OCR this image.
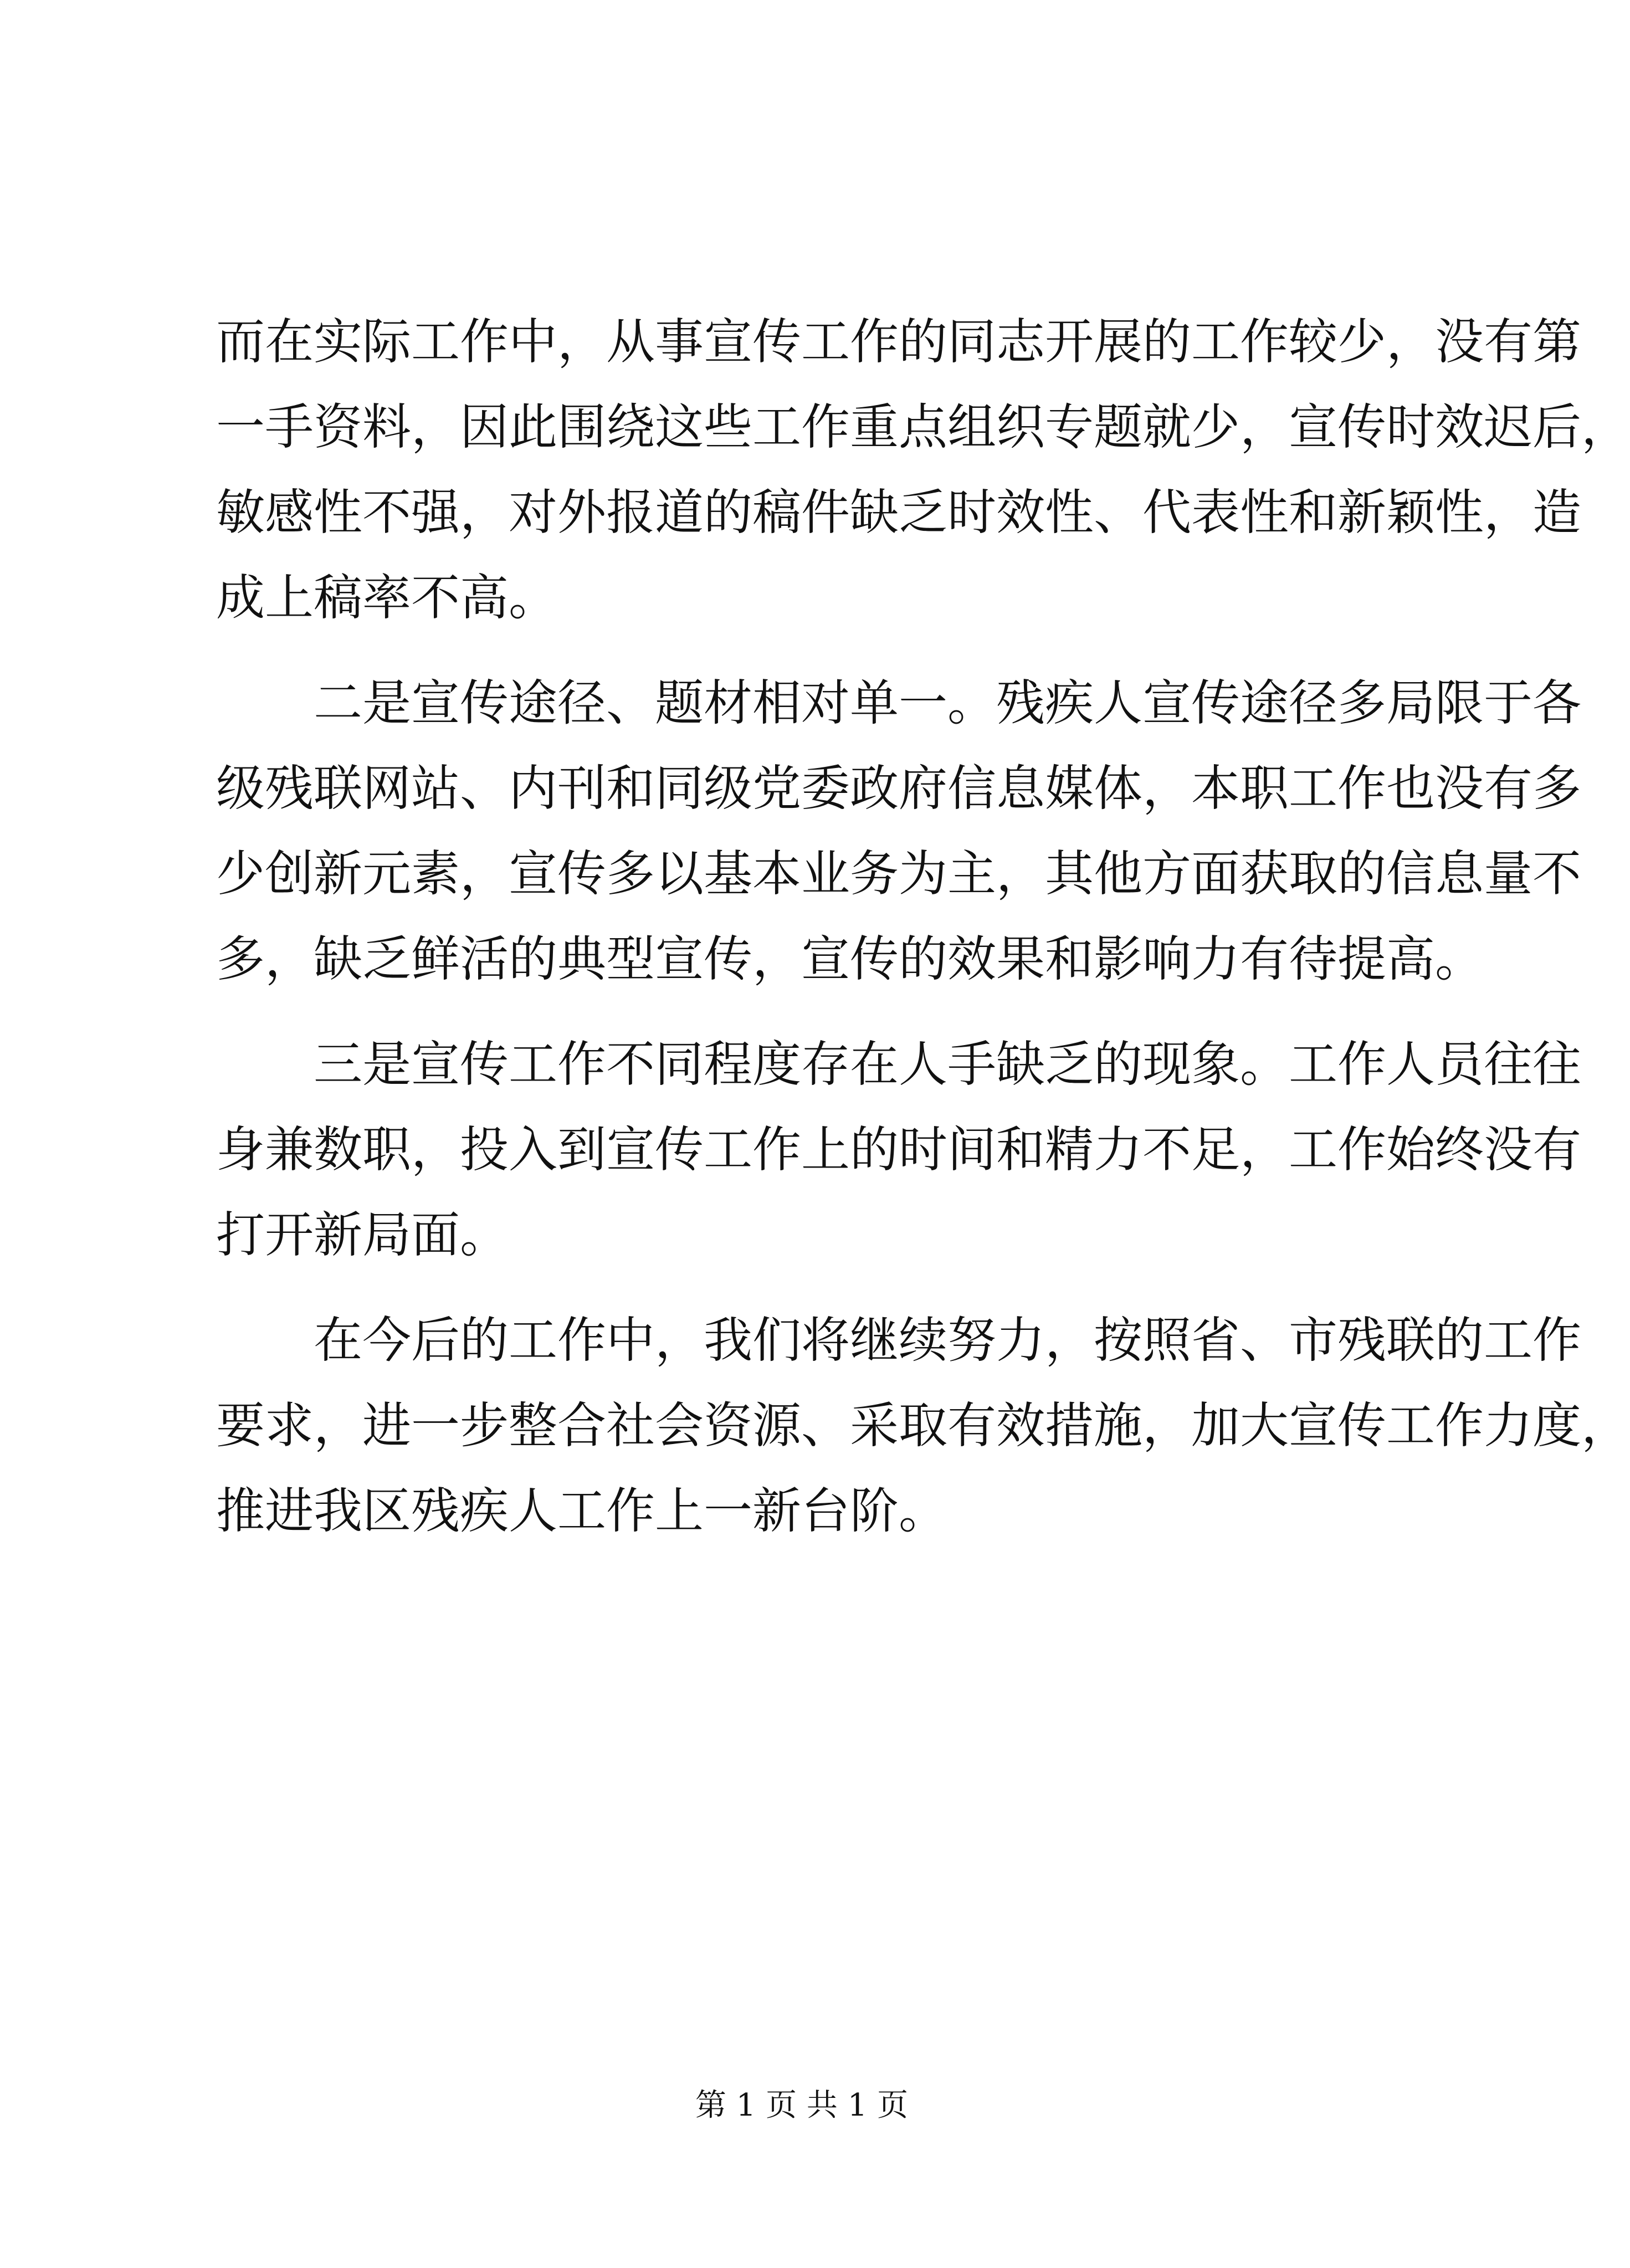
而在实际工作中，从事宣传工作的同志开展的工作较少，没有第
一手资料，因此围绕这些工作重点组织专题就少，宣传时效迟后，
敏感性不强，对外报道的稿件缺乏时效性、代表性和新颖性，造
成上稿率不高。
二是宣传途径、题材相对单一。残疾人宣传途径多局限于各
级残联网站、内刊和同级党委政府信息媒体，本职工作也没有多
少创新元素，宣传多以基本业务为主，其他方面获取的信息量不
多，缺乏鲜活的典型宣传，宣传的效果和影响力有待提高。
三是宣传工作不同程度存在人手缺乏的现象。工作人员往往
身兼数职，投入到宣传工作上的时间和精力不足，工作始终没有
打开新局面。
在今后的工作中，我们将继续努力，按照省、市残联的工作
要求，进一步整合社会资源、采取有效措施，加大宣传工作力度，
推进我区残疾人工作上一新台阶。
第 1 页 共 1 页
